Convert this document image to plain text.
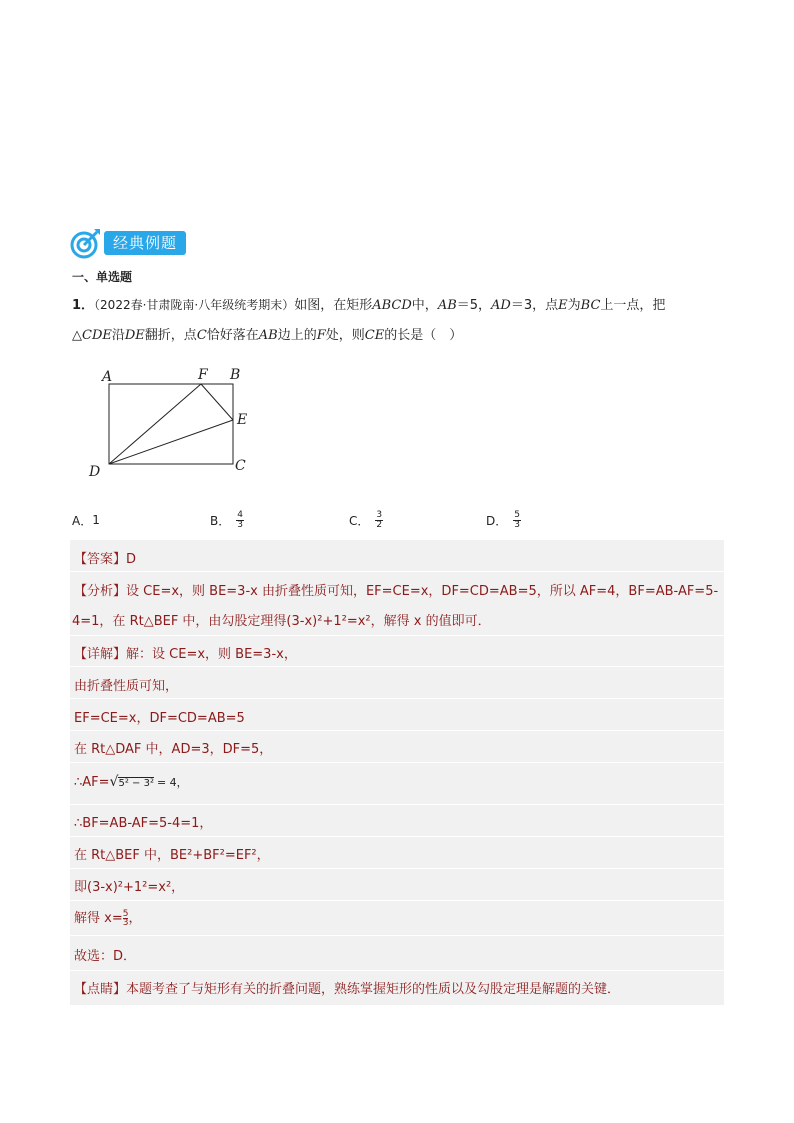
经典例题
一、单选题
1．（2022春·甘肃陇南·八年级统考期末）如图，在矩形ABCD中，AB＝5，AD＝3，点E为BC上一点，把
△CDE沿DE翻折，点C恰好落在AB边上的F处，则CE的长是（　）
A	F B
E
C
D
A． 1	B． $\frac{4}{3}$	C． $\frac{3}{2}$	D． $\frac{5}{3}$
【答案】D
【分析】设 CE=x，则 BE=3-x 由折叠性质可知，EF=CE=x，DF=CD=AB=5，所以 AF=4，BF=AB-AF=5-
4=1，在 Rt△BEF 中，由勾股定理得(3-x)²+1²=x²，解得 x 的值即可．
【详解】解：设 CE=x，则 BE=3-x，
由折叠性质可知，
EF=CE=x，DF=CD=AB=5
在 Rt△DAF 中，AD=3，DF=5，
∴AF=√5² − 3² = 4，
∴BF=AB-AF=5-4=1，
在 Rt△BEF 中，BE²+BF²=EF²，
即(3-x)²+1²=x²，
解得 $x= \frac{5}{3}$ ，
故选：D．
【点睛】本题考查了与矩形有关的折叠问题，熟练掌握矩形的性质以及勾股定理是解题的关键．
